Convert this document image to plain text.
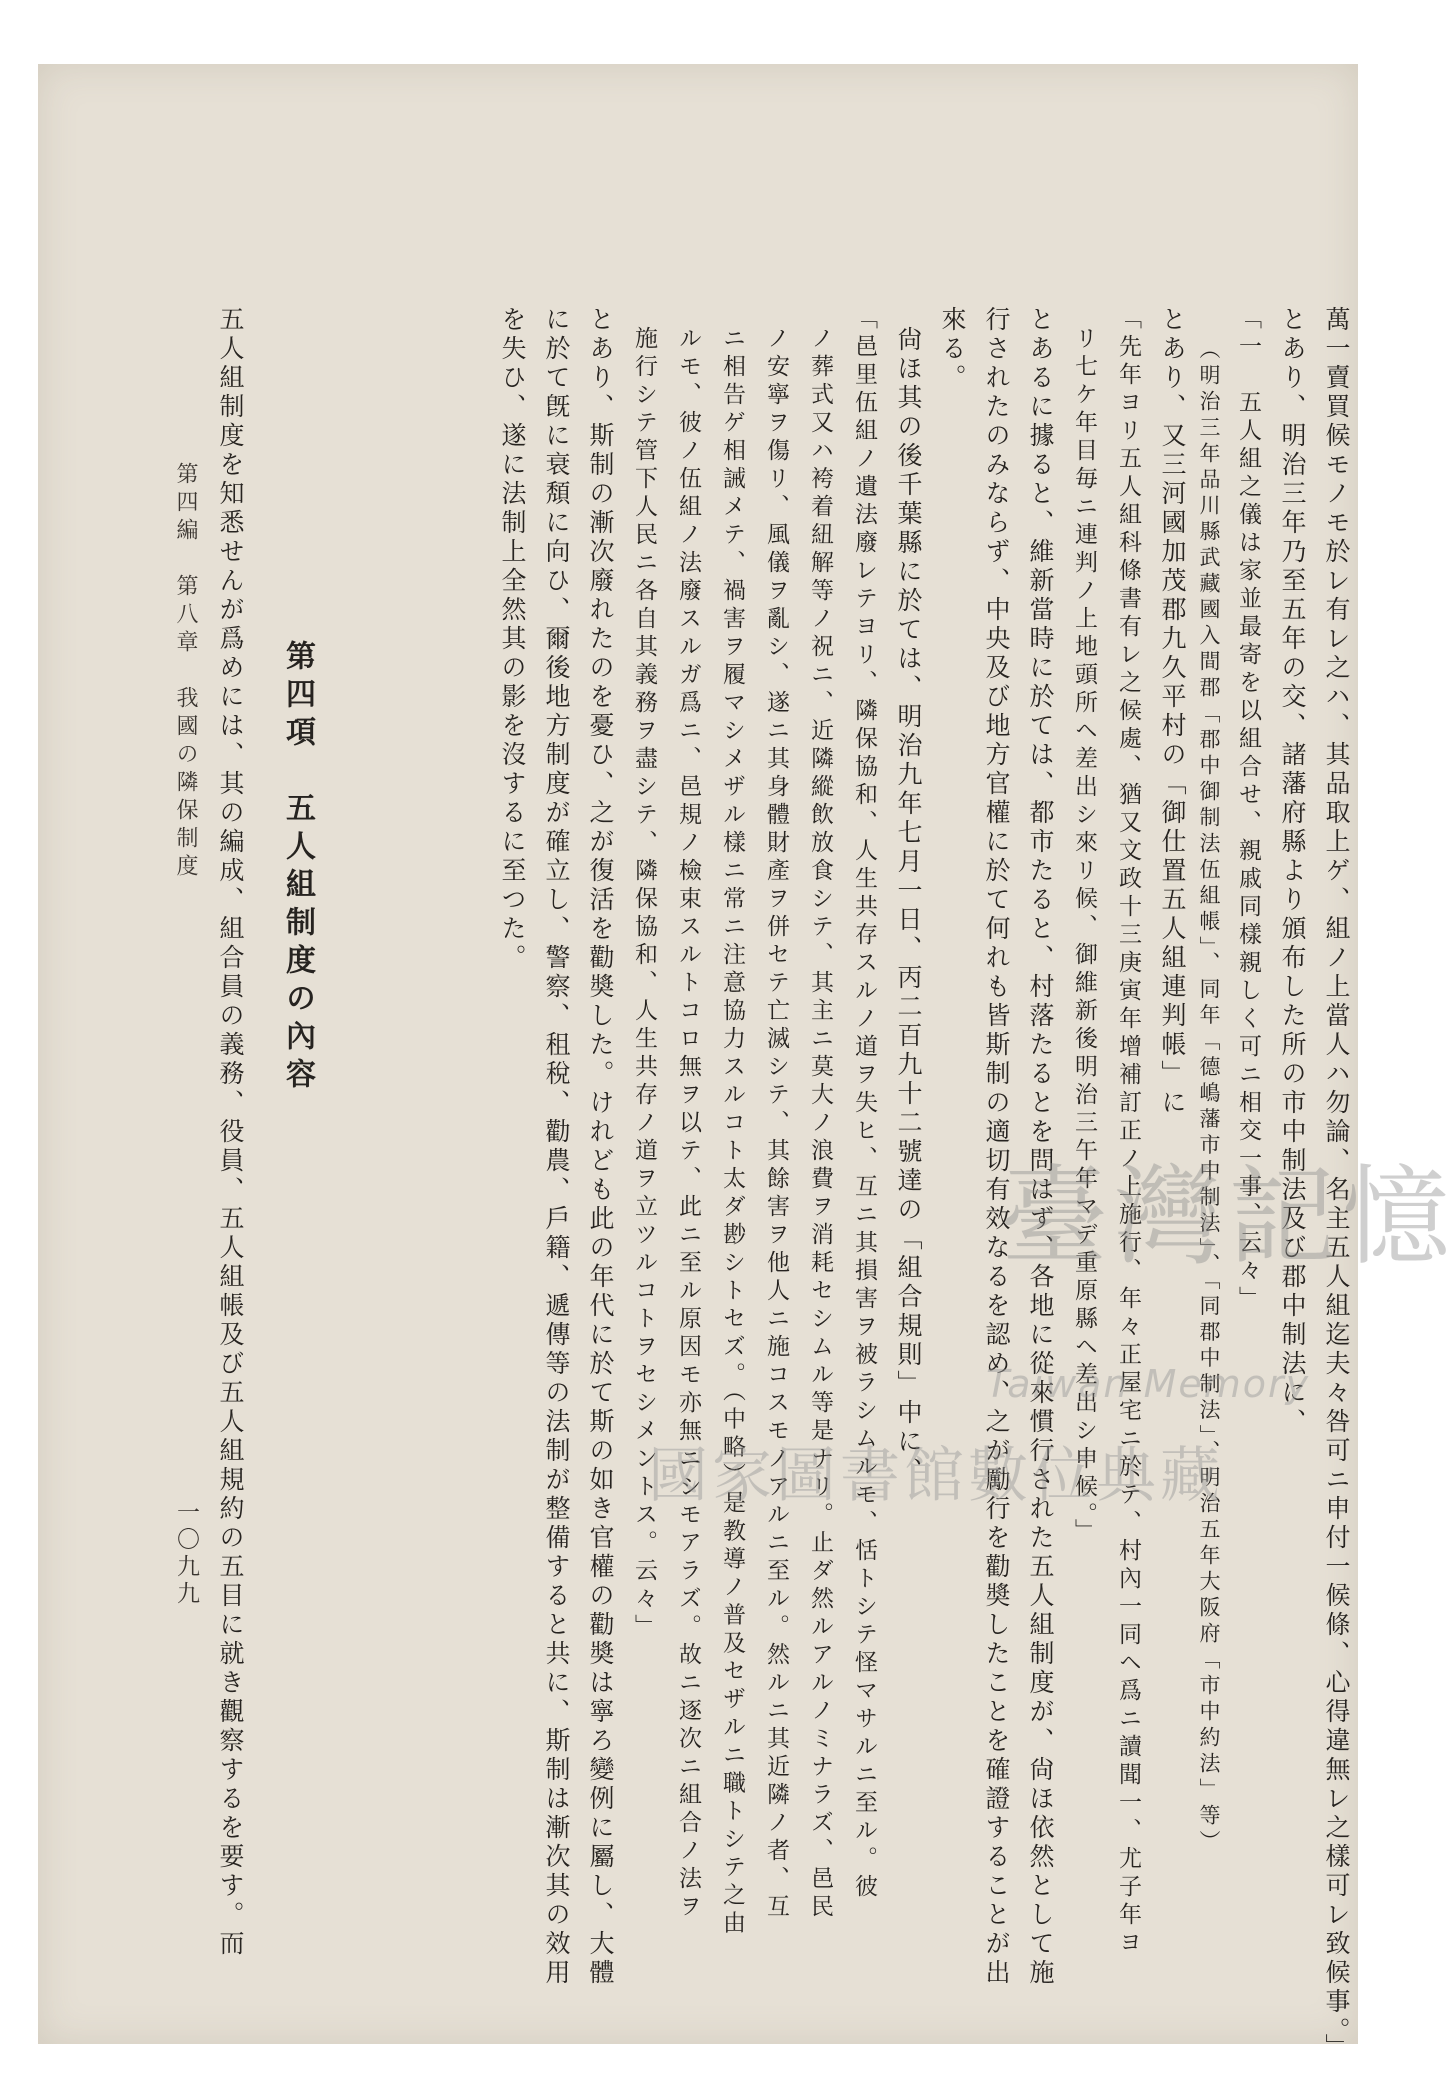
萬一賣買候モノモ於レ有レ之ハ、其品取上ゲ、組ノ上當人ハ勿論、名主五人組迄夫々咎可ニ申付一候條、心得違無レ之樣可レ致候事。」
とあり、明治三年乃至五年の交、諸藩府縣より頒布した所の市中制法及び郡中制法に、
「一　五人組之儀は家並最寄を以組合せ、親戚同樣親しく可ニ相交一事、云々」
（明治三年品川縣武藏國入間郡「郡中御制法伍組帳」、同年「德嶋藩市中制法」、「同郡中制法」、明治五年大阪府「市中約法」等）
とあり、又三河國加茂郡九久平村の「御仕置五人組連判帳」に
「先年ヨリ五人組科條書有レ之候處、猶又文政十三庚寅年增補訂正ノ上施行、年々正屋宅ニ於テ、村內一同ヘ爲ニ讀聞一、尤子年ヨ
リ七ケ年目毎ニ連判ノ上地頭所ヘ差出シ來リ候、御維新後明治三午年マデ重原縣ヘ差出シ申候。」
とあるに據ると、維新當時に於ては、都市たると、村落たるとを問はず、各地に從來慣行された五人組制度が、尙ほ依然として施
行されたのみならず、中央及び地方官權に於て何れも皆斯制の適切有效なるを認め、之が勵行を勸奬したことを確證することが出
來る。
尙ほ其の後千葉縣に於ては、明治九年七月一日、丙二百九十二號達の「組合規則」中に、
「邑里伍組ノ遺法廢レテヨリ、隣保協和、人生共存スルノ道ヲ失ヒ、互ニ其損害ヲ被ラシムルモ、恬トシテ怪マサルニ至ル。彼
ノ葬式又ハ袴着紐解等ノ祝ニ、近隣縱飲放食シテ、其主ニ莫大ノ浪費ヲ消耗セシムル等是ナリ。止ダ然ルアルノミナラズ、邑民
ノ安寧ヲ傷リ、風儀ヲ亂シ、遂ニ其身體財產ヲ併セテ亡滅シテ、其餘害ヲ他人ニ施コスモノアルニ至ル。然ルニ其近隣ノ者、互
ニ相告ゲ相誡メテ、禍害ヲ履マシメザル樣ニ常ニ注意協力スルコト太ダ尠シトセズ。（中略）是教導ノ普及セザルニ職トシテ之由
ルモ、彼ノ伍組ノ法廢スルガ爲ニ、邑規ノ檢束スルトコロ無ヲ以テ、此ニ至ル原因モ亦無ニシモアラズ。故ニ逐次ニ組合ノ法ヲ
施行シテ管下人民ニ各自其義務ヲ盡シテ、隣保協和、人生共存ノ道ヲ立ツルコトヲセシメントス。云々」
とあり、斯制の漸次廢れたのを憂ひ、之が復活を勸奬した。けれども此の年代に於て斯の如き官權の勸奬は寧ろ變例に屬し、大體
に於て旣に衰頽に向ひ、爾後地方制度が確立し、警察、租稅、勸農、戶籍、遞傳等の法制が整備すると共に、斯制は漸次其の效用
を失ひ、遂に法制上全然其の影を沒するに至つた。
第四項　五人組制度の內容
五人組制度を知悉せんが爲めには、其の編成、組合員の義務、役員、五人組帳及び五人組規約の五目に就き觀察するを要す。而
第四編　第八章　我國の隣保制度
一〇九九
臺灣記憶
Taiwan Memory
國家圖書館數位典藏
